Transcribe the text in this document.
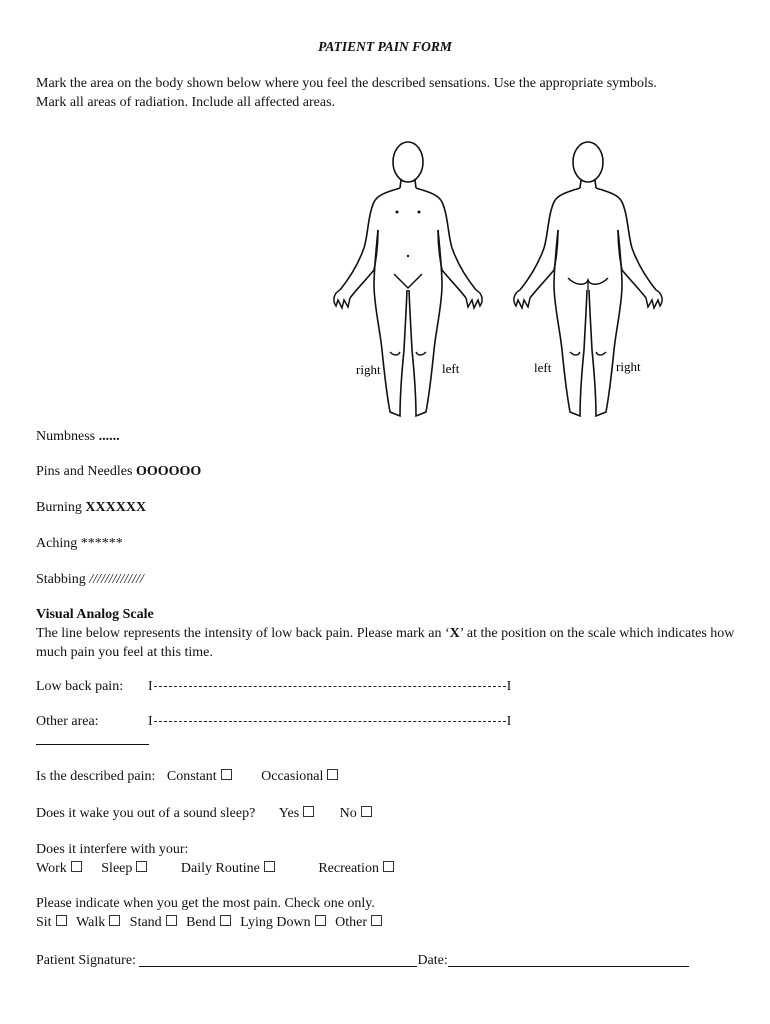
PATIENT PAIN FORM
Mark the area on the body shown below where you feel the described sensations. Use the appropriate symbols.
Mark all areas of radiation. Include all affected areas.
right	left	left	right
Numbness ......
Pins and Needles OOOOOO
Burning XXXXXX
Aching ******
Stabbing //////////////
Visual Analog Scale
The line below represents the intensity of low back pain. Please mark an ‘X’ at the position on the scale which indicates how much pain you feel at this time.
Low back pain: I	I
Other area:	I	I
Is the described pain: Constant	Occasional
Does it wake you out of a sound sleep? Yes	No
Does it interfere with your:
Work Sleep	Daily Routine	Recreation
Please indicate when you get the most pain. Check one only.
Sit Walk Stand Bend Lying Down Other
Patient Signature:	Date:
